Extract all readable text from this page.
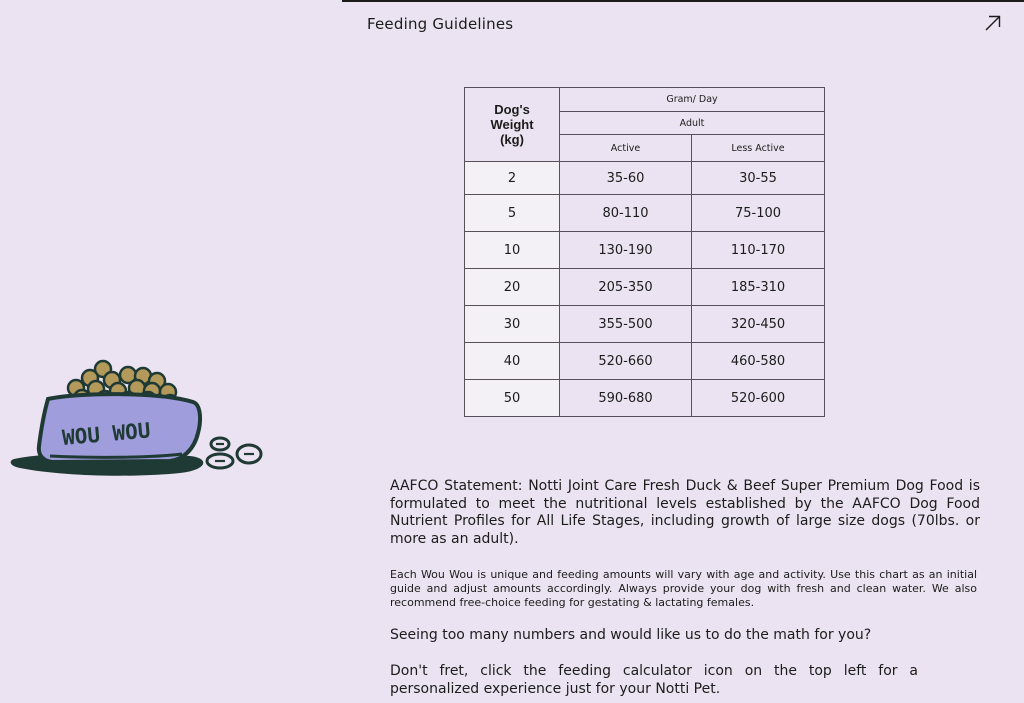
Feeding Guidelines
WOU WOU
Dog's
Weight
(kg)	Gram/ Day	
	Adult	
	Active	Less Active
2	35-60	30-55
5	80-110	75-100
10	130-190	110-170
20	205-350	185-310
30	355-500	320-450
40	520-660	460-580
50	590-680	520-600
AAFCO Statement: Notti Joint Care Fresh Duck & Beef Super Premium Dog Food is formulated to meet the nutritional levels established by the AAFCO Dog Food Nutrient Profiles for All Life Stages, including growth of large size dogs (70lbs. or more as an adult).
Each Wou Wou is unique and feeding amounts will vary with age and activity. Use this chart as an initial guide and adjust amounts accordingly. Always provide your dog with fresh and clean water. We also recommend free-choice feeding for gestating & lactating females.
Seeing too many numbers and would like us to do the math for you?
Don't fret, click the feeding calculator icon on the top left for a personalized experience just for your Notti Pet.
